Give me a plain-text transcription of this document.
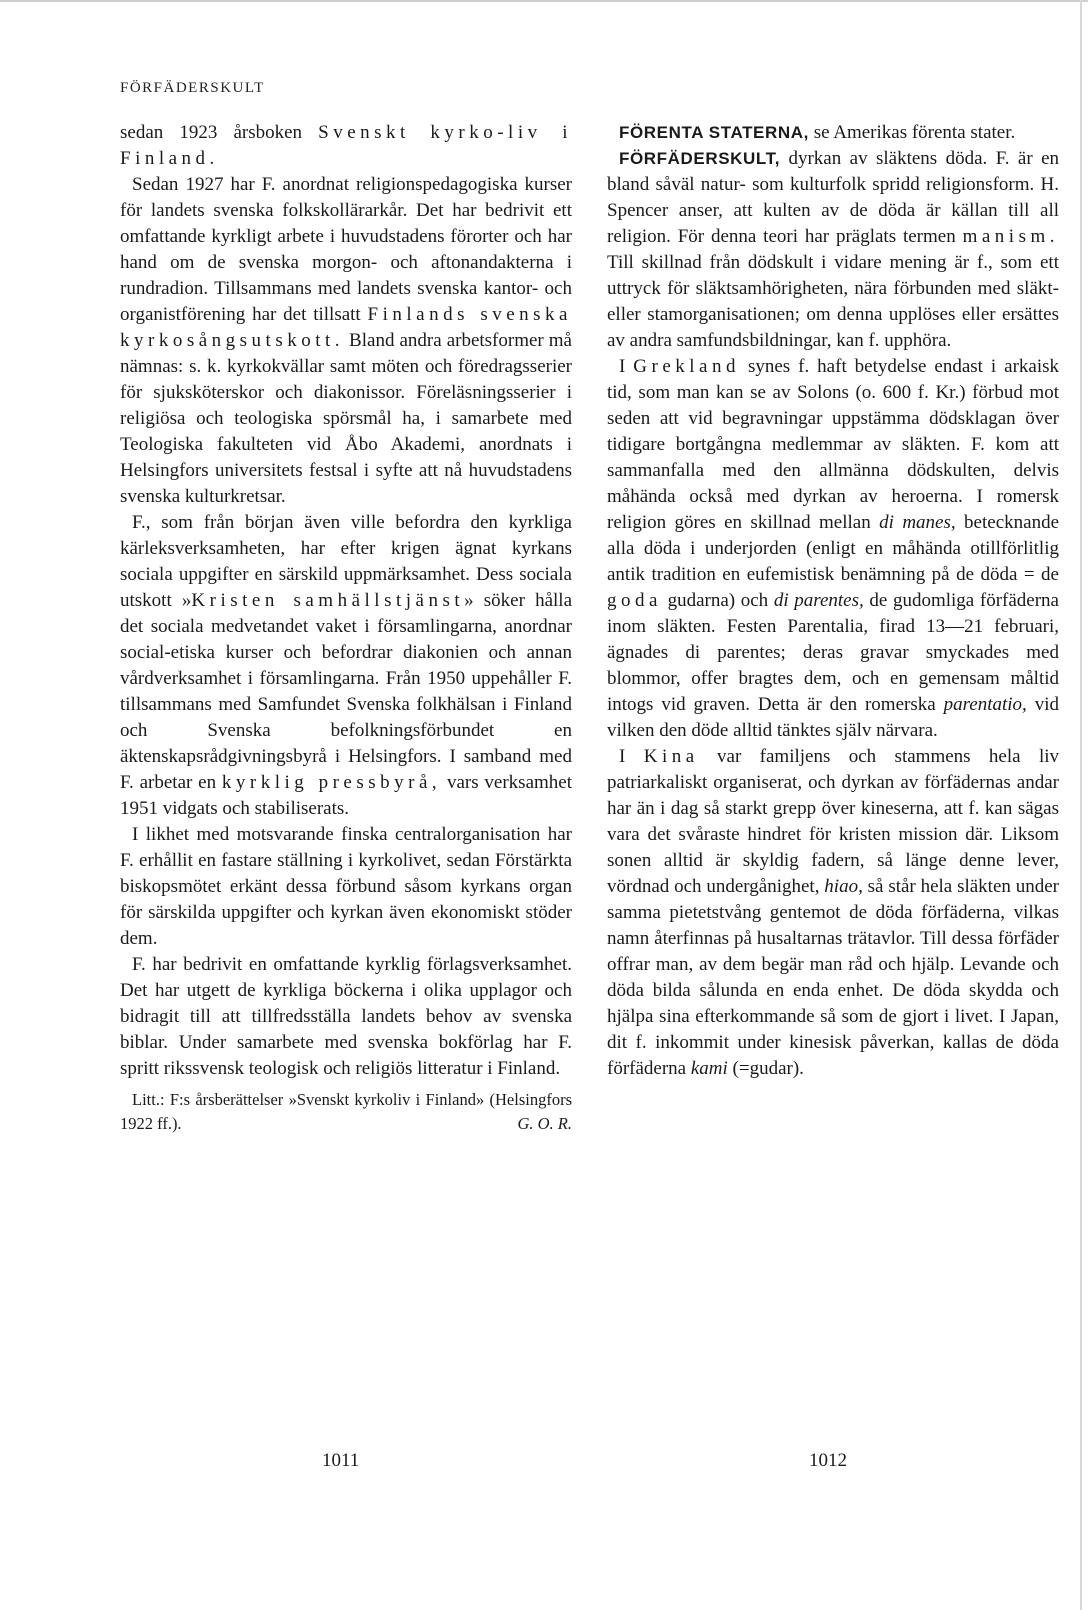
FÖRFÄDERSKULT

sedan 1923 årsboken Svenskt kyrko-liv i Finland.

Sedan 1927 har F. anordnat religionspedagogiska kurser för landets svenska folkskollärarkår. Det har bedrivit ett omfattande kyrkligt arbete i huvudstadens förorter och har hand om de svenska morgon- och aftonandakterna i rundradion. Tillsammans med landets svenska kantor- och organistförening har det tillsatt Finlands svenska kyrkosångsutskott. Bland andra arbetsformer må nämnas: s. k. kyrkokvällar samt möten och föredragsserier för sjuksköterskor och diakonissor. Föreläsningsserier i religiösa och teologiska spörsmål ha, i samarbete med Teologiska fakulteten vid Åbo Akademi, anordnats i Helsingfors universitets festsal i syfte att nå huvudstadens svenska kulturkretsar.

F., som från början även ville befordra den kyrkliga kärleksverksamheten, har efter krigen ägnat kyrkans sociala uppgifter en särskild uppmärksamhet. Dess sociala utskott »Kristen samhällstjänst» söker hålla det sociala medvetandet vaket i församlingarna, anordnar social-etiska kurser och befordrar diakonien och annan vårdverksamhet i församlingarna. Från 1950 uppehåller F. tillsammans med Samfundet Svenska folkhälsan i Finland och Svenska befolkningsförbundet en äktenskapsrådgivningsbyrå i Helsingfors. I samband med F. arbetar en kyrklig pressbyrå, vars verksamhet 1951 vidgats och stabiliserats.

I likhet med motsvarande finska centralorganisation har F. erhållit en fastare ställning i kyrkolivet, sedan Förstärkta biskopsmötet erkänt dessa förbund såsom kyrkans organ för särskilda uppgifter och kyrkan även ekonomiskt stöder dem.

F. har bedrivit en omfattande kyrklig förlagsverksamhet. Det har utgett de kyrkliga böckerna i olika upplagor och bidragit till att tillfredsställa landets behov av svenska biblar. Under samarbete med svenska bokförlag har F. spritt rikssvensk teologisk och religiös litteratur i Finland.

Litt.: F:s årsberättelser »Svenskt kyrkoliv i Finland» (Helsingfors 1922 ff.).	G. O. R.

FÖRENTA STATERNA, se Amerikas förenta stater.

FÖRFÄDERSKULT, dyrkan av släktens döda. F. är en bland såväl natur- som kulturfolk spridd religionsform. H. Spencer anser, att kulten av de döda är källan till all religion. För denna teori har präglats termen manism. Till skillnad från dödskult i vidare mening är f., som ett uttryck för släktsamhörigheten, nära förbunden med släkt- eller stamorganisationen; om denna upplöses eller ersättes av andra samfundsbildningar, kan f. upphöra.

I Grekland synes f. haft betydelse endast i arkaisk tid, som man kan se av Solons (o. 600 f. Kr.) förbud mot seden att vid begravningar uppstämma dödsklagan över tidigare bortgångna medlemmar av släkten. F. kom att sammanfalla med den allmänna dödskulten, delvis måhända också med dyrkan av heroerna. I romersk religion göres en skillnad mellan di manes, betecknande alla döda i underjorden (enligt en måhända otillförlitlig antik tradition en eufemistisk benämning på de döda = de goda gudarna) och di parentes, de gudomliga förfäderna inom släkten. Festen Parentalia, firad 13—21 februari, ägnades di parentes; deras gravar smyckades med blommor, offer bragtes dem, och en gemensam måltid intogs vid graven. Detta är den romerska parentatio, vid vilken den döde alltid tänktes själv närvara.

I Kina var familjens och stammens hela liv patriarkaliskt organiserat, och dyrkan av förfädernas andar har än i dag så starkt grepp över kineserna, att f. kan sägas vara det svåraste hindret för kristen mission där. Liksom sonen alltid är skyldig fadern, så länge denne lever, vördnad och undergånighet, hiao, så står hela släkten under samma pietetstvång gentemot de döda förfäderna, vilkas namn återfinnas på husaltarnas trätavlor. Till dessa förfäder offrar man, av dem begär man råd och hjälp. Levande och döda bilda sålunda en enda enhet. De döda skydda och hjälpa sina efterkommande så som de gjort i livet. I Japan, dit f. inkommit under kinesisk påverkan, kallas de döda förfäderna kami (=gudar).

1011	1012
